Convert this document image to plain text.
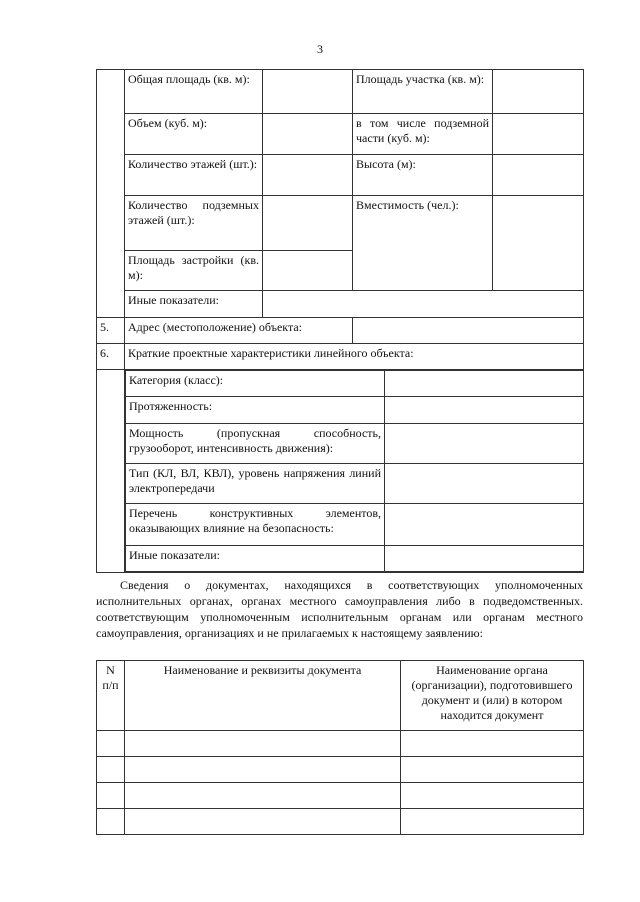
3
	Общая площадь (кв. м):		Площадь участка (кв. м):	
Объем (куб. м):		в том числе подземной части (куб. м):	
Количество этажей (шт.):		Высота (м):	
Количество подземных этажей (шт.):		Вместимость (чел.):	
Площадь застройки (кв. м):	
Иные показатели:	
5.	Адрес (местоположение) объекта:	
6.	Краткие проектные характеристики линейного объекта:

Категория (класс):	
Протяженность:	
Мощность (пропускная способность, грузооборот, интенсивность движения):	
Тип (КЛ, ВЛ, КВЛ), уровень напряжения линий электропередачи	
Перечень конструктивных элементов, оказывающих влияние на безопасность:	
Иные показатели:	
Сведения о документах, находящихся в соответствующих уполномоченных исполнительных органах, органах местного самоуправления либо в подведомственных. соответствующим уполномоченным исполнительным органам или органам местного самоуправления, организациях и не прилагаемых к настоящему заявлению:
N п/п	Наименование и реквизиты документа	Наименование органа (организации), подготовившего документ и (или) в котором находится документ
